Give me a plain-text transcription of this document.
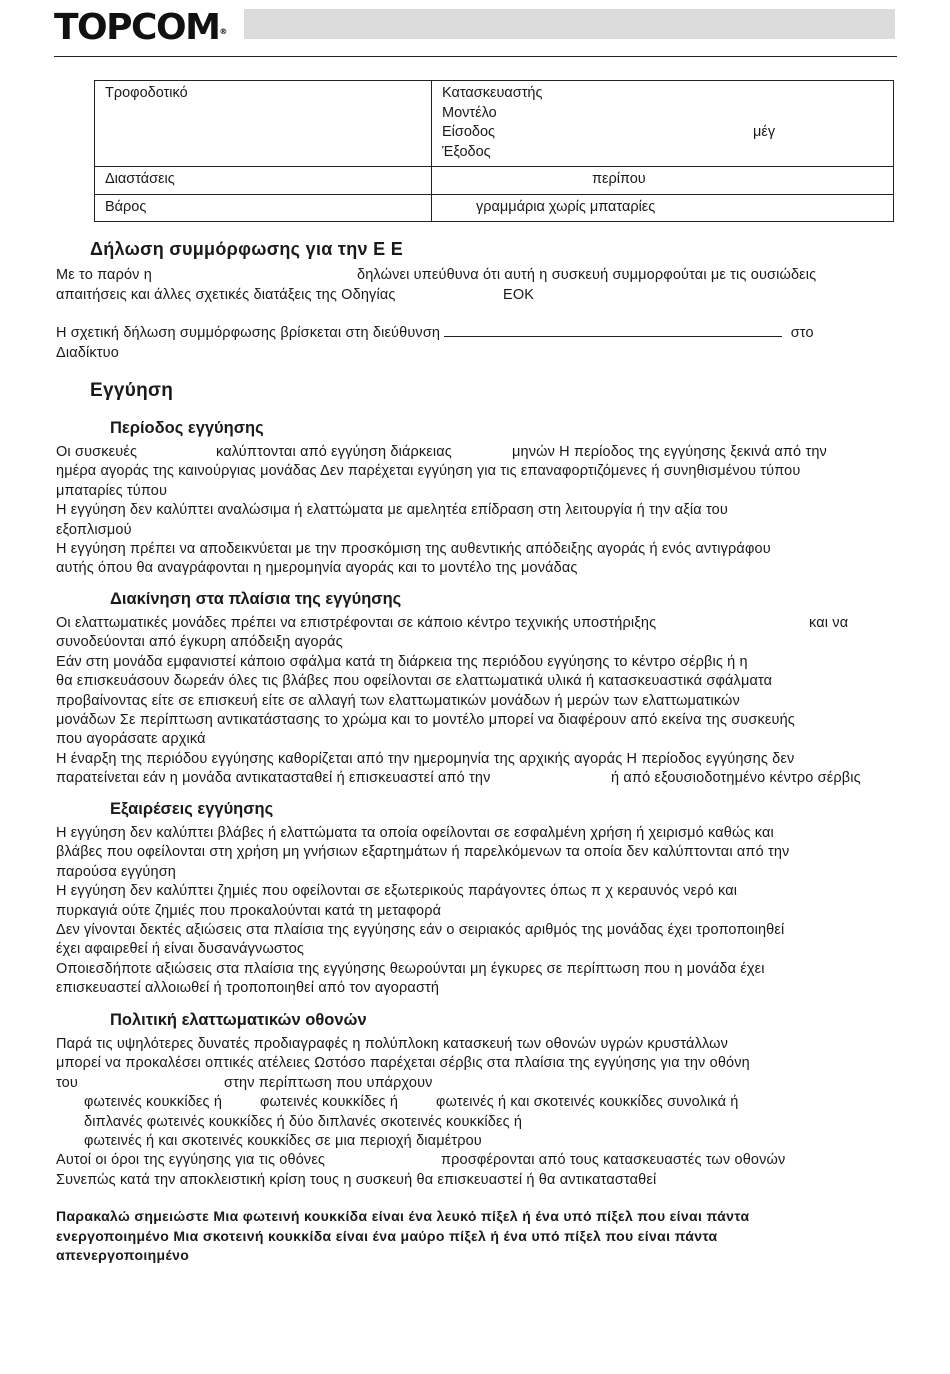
TOPCOM®
Τροφοδοτικό	Κατασκευαστής
Μοντέλο
Είσοδος μέγ
Έξοδος

Διαστάσεις	περίπου
Βάρος	γραμμάρια χωρίς μπαταρίες
Δήλωση συμμόρφωσης για την Ε Ε
Με το παρόν η	δηλώνει υπεύθυνα ότι αυτή η συσκευή συμμορφούται με τις ουσιώδεις
απαιτήσεις και άλλες σχετικές διατάξεις της Οδηγίας	ΕΟΚ
Η σχετική δήλωση συμμόρφωσης βρίσκεται στη διεύθυνση	στο
Διαδίκτυο
Εγγύηση
Περίοδος εγγύησης
Οι συσκευές	καλύπτονται από εγγύηση διάρκειας	μηνών Η περίοδος της εγγύησης ξεκινά από την
ημέρα αγοράς της καινούργιας μονάδας Δεν παρέχεται εγγύηση για τις επαναφορτιζόμενες ή συνηθισμένου τύπου
μπαταρίες τύπου
Η εγγύηση δεν καλύπτει αναλώσιμα ή ελαττώματα με αμελητέα επίδραση στη λειτουργία ή την αξία του
εξοπλισμού
Η εγγύηση πρέπει να αποδεικνύεται με την προσκόμιση της αυθεντικής απόδειξης αγοράς ή ενός αντιγράφου
αυτής όπου θα αναγράφονται η ημερομηνία αγοράς και το μοντέλο της μονάδας
Διακίνηση στα πλαίσια της εγγύησης
Οι ελαττωματικές μονάδες πρέπει να επιστρέφονται σε κάποιο κέντρο τεχνικής υποστήριξης	και να
συνοδεύονται από έγκυρη απόδειξη αγοράς
Εάν στη μονάδα εμφανιστεί κάποιο σφάλμα κατά τη διάρκεια της περιόδου εγγύησης το κέντρο σέρβις ή η
θα επισκευάσουν δωρεάν όλες τις βλάβες που οφείλονται σε ελαττωματικά υλικά ή κατασκευαστικά σφάλματα
προβαίνοντας είτε σε επισκευή είτε σε αλλαγή των ελαττωματικών μονάδων ή μερών των ελαττωματικών
μονάδων Σε περίπτωση αντικατάστασης το χρώμα και το μοντέλο μπορεί να διαφέρουν από εκείνα της συσκευής
που αγοράσατε αρχικά
Η έναρξη της περιόδου εγγύησης καθορίζεται από την ημερομηνία της αρχικής αγοράς Η περίοδος εγγύησης δεν
παρατείνεται εάν η μονάδα αντικατασταθεί ή επισκευαστεί από την	ή από εξουσιοδοτημένο κέντρο σέρβις
Εξαιρέσεις εγγύησης
Η εγγύηση δεν καλύπτει βλάβες ή ελαττώματα τα οποία οφείλονται σε εσφαλμένη χρήση ή χειρισμό καθώς και
βλάβες που οφείλονται στη χρήση μη γνήσιων εξαρτημάτων ή παρελκόμενων τα οποία δεν καλύπτονται από την
παρούσα εγγύηση
Η εγγύηση δεν καλύπτει ζημιές που οφείλονται σε εξωτερικούς παράγοντες όπως π χ κεραυνός νερό και
πυρκαγιά ούτε ζημιές που προκαλούνται κατά τη μεταφορά
Δεν γίνονται δεκτές αξιώσεις στα πλαίσια της εγγύησης εάν ο σειριακός αριθμός της μονάδας έχει τροποποιηθεί
έχει αφαιρεθεί ή είναι δυσανάγνωστος
Οποιεσδήποτε αξιώσεις στα πλαίσια της εγγύησης θεωρούνται μη έγκυρες σε περίπτωση που η μονάδα έχει
επισκευαστεί αλλοιωθεί ή τροποποιηθεί από τον αγοραστή
Πολιτική ελαττωματικών οθονών
Παρά τις υψηλότερες δυνατές προδιαγραφές η πολύπλοκη κατασκευή των οθονών υγρών κρυστάλλων
μπορεί να προκαλέσει οπτικές ατέλειες Ωστόσο παρέχεται σέρβις στα πλαίσια της εγγύησης για την οθόνη
του	στην περίπτωση που υπάρχουν
φωτεινές κουκκίδες ή	φωτεινές κουκκίδες ή	φωτεινές ή και σκοτεινές κουκκίδες συνολικά ή
διπλανές φωτεινές κουκκίδες ή δύο διπλανές σκοτεινές κουκκίδες ή
φωτεινές ή και σκοτεινές κουκκίδες σε μια περιοχή διαμέτρου
Αυτοί οι όροι της εγγύησης για τις οθόνες	προσφέρονται από τους κατασκευαστές των οθονών
Συνεπώς κατά την αποκλειστική κρίση τους η συσκευή θα επισκευαστεί ή θα αντικατασταθεί
Παρακαλώ σημειώστε Μια φωτεινή κουκκίδα είναι ένα λευκό πίξελ ή ένα υπό πίξελ που είναι πάντα
ενεργοποιημένο Μια σκοτεινή κουκκίδα είναι ένα μαύρο πίξελ ή ένα υπό πίξελ που είναι πάντα
απενεργοποιημένο
